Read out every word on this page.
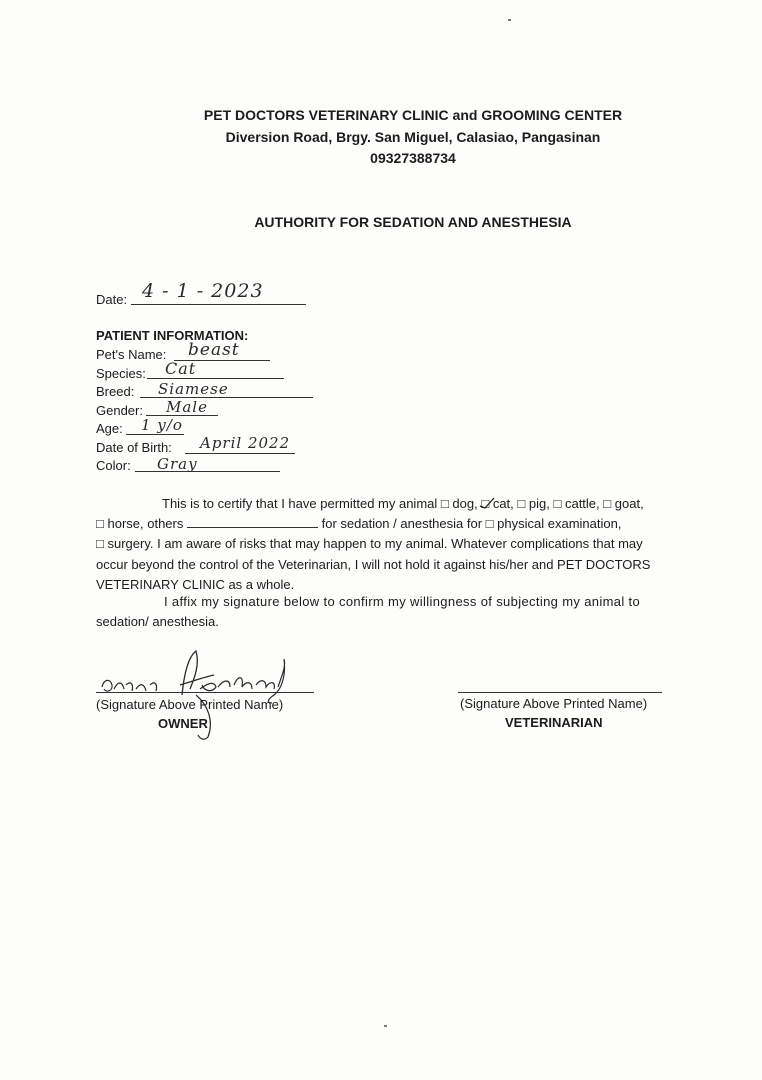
PET DOCTORS VETERINARY CLINIC and GROOMING CENTER
Diversion Road, Brgy. San Miguel, Calasiao, Pangasinan
09327388734
AUTHORITY FOR SEDATION AND ANESTHESIA
Date: 4 - 1 - 2023
PATIENT INFORMATION:
Pet's Name: beast
Species: Cat
Breed: Siamese
Gender: Male
Age: 1 y/o
Date of Birth: April 2022
Color: Gray
This is to certify that I have permitted my animal □ dog, □ cat, □ pig, □ cattle, □ goat,
□ horse, others	for sedation / anesthesia for □ physical examination,
□ surgery. I am aware of risks that may happen to my animal. Whatever complications that may
occur beyond the control of the Veterinarian, I will not hold it against his/her and PET DOCTORS
VETERINARY CLINIC as a whole.
I affix my signature below to confirm my willingness of subjecting my animal to
sedation/ anesthesia.
(Signature Above Printed Name)
OWNER
(Signature Above Printed Name)
VETERINARIAN
